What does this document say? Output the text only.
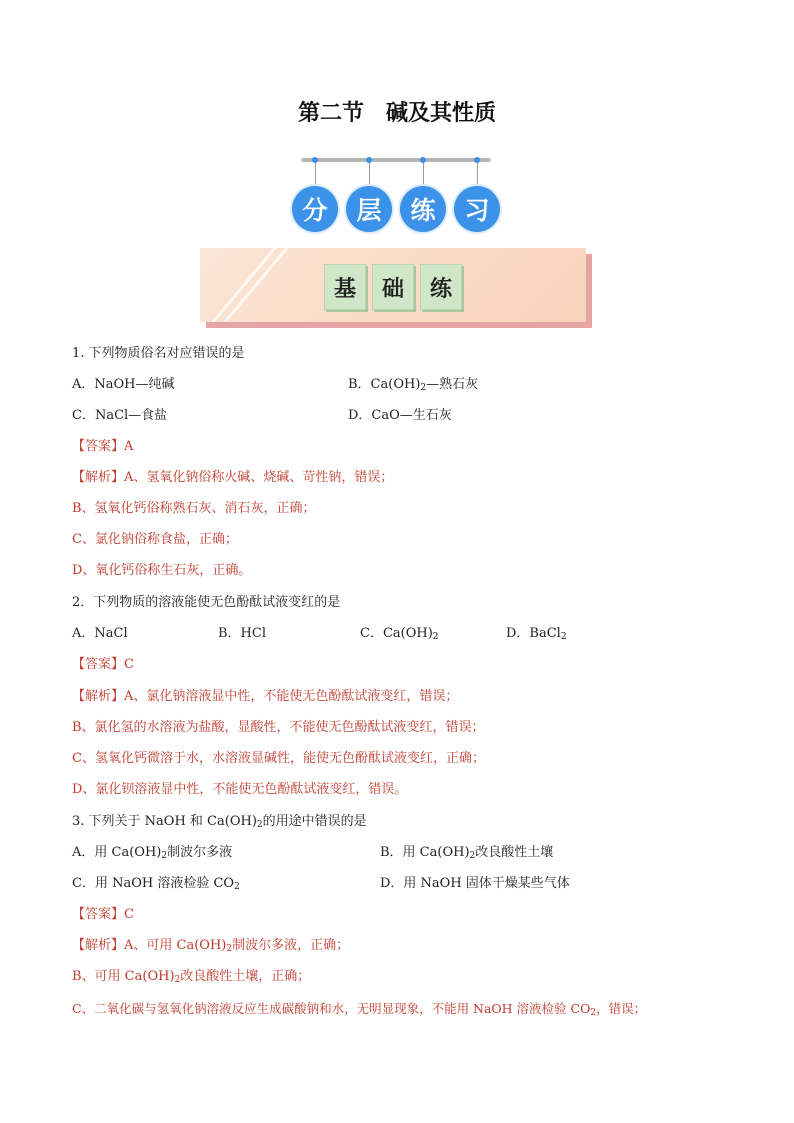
第二节　碱及其性质
分	层	练	习
基	础	练
1. 下列物质俗名对应错误的是
A．NaOH—纯碱	B．$Ca(OH)_2—$熟石灰
C．NaCl—食盐	D．CaO—生石灰
【答案】A
【解析】A、氢氧化钠俗称火碱、烧碱、苛性钠，错误；
B、氢氧化钙俗称熟石灰、消石灰，正确；
C、氯化钠俗称食盐，正确；
D、氧化钙俗称生石灰，正确。
2．下列物质的溶液能使无色酚酞试液变红的是
A．NaCl	B．HCl	C．$Ca(OH)_2$	D．BaCl$_2$
【答案】C
【解析】A、氯化钠溶液显中性，不能使无色酚酞试液变红，错误；
B、氯化氢的水溶液为盐酸，显酸性，不能使无色酚酞试液变红，错误；
C、氢氧化钙微溶于水，水溶液显碱性，能使无色酚酞试液变红，正确；
D、氯化钡溶液显中性，不能使无色酚酞试液变红，错误。
3. 下列关于 NaOH 和 $Ca(OH)_2$的用途中错误的是
A．用 $Ca(OH)_2$制波尔多液	B．用 $Ca(OH)_2$改良酸性土壤
C．用 NaOH 溶液检验 $CO_2$	D．用 NaOH 固体干燥某些气体
【答案】C
【解析】A、可用 $Ca(OH)_2$制波尔多液，正确；
B、可用 $Ca(OH)_2$改良酸性土壤，正确；
C、二氧化碳与氢氧化钠溶液反应生成碳酸钠和水，无明显现象，不能用 NaOH 溶液检验 $CO_2$，错误；
